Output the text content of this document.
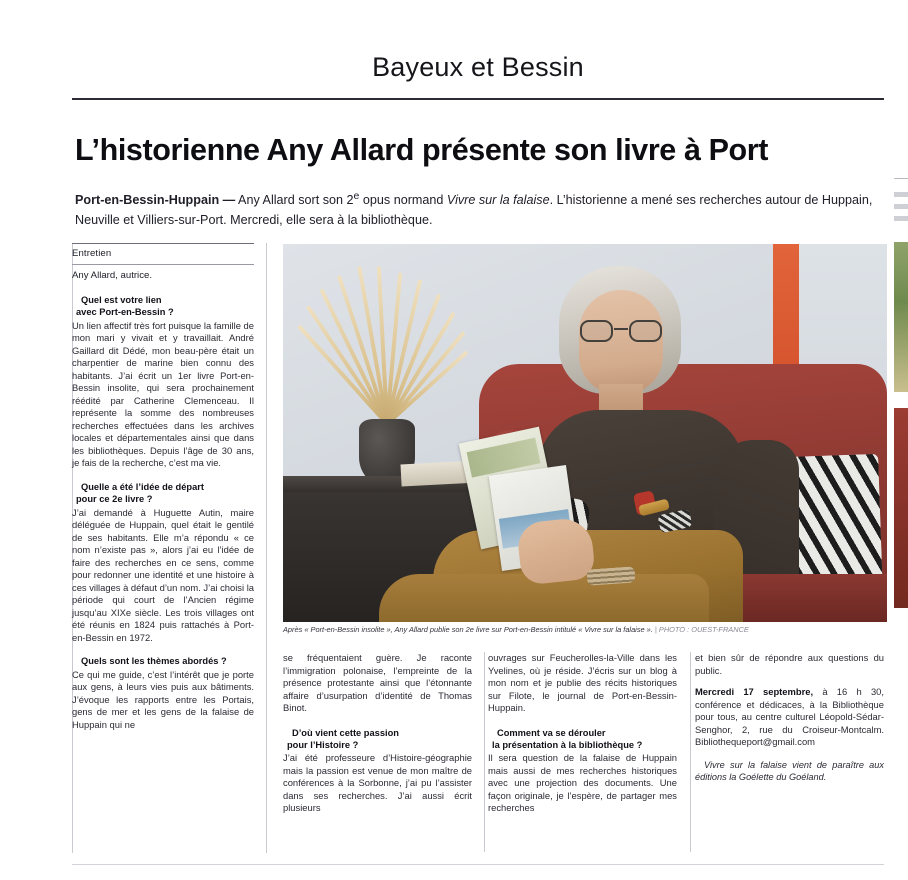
Bayeux et Bessin
L’historienne Any Allard présente son livre à Port
Port-en-Bessin-Huppain — Any Allard sort son 2e opus normand Vivre sur la falaise. L’historienne a mené ses recherches autour de Huppain, Neuville et Villiers-sur-Port. Mercredi, elle sera à la bibliothèque.
Entretien
Any Allard, autrice.
Quel est votre lien
avec Port-en-Bessin ?

Un lien affectif très fort puisque la famille de mon mari y vivait et y travaillait. André Gaillard dit Dédé, mon beau-père était un charpentier de marine bien connu des habitants. J’ai écrit un 1er livre Port-en-Bessin insolite, qui sera prochainement réédité par Catherine Clemenceau. Il représente la somme des nombreuses recherches effectuées dans les archives locales et départementales ainsi que dans les bibliothèques. Depuis l’âge de 30 ans, je fais de la recherche, c’est ma vie.

Quelle a été l’idée de départ
pour ce 2e livre ?

J’ai demandé à Huguette Autin, maire déléguée de Huppain, quel était le gentilé de ses habitants. Elle m’a répondu « ce nom n’existe pas », alors j’ai eu l’idée de faire des recherches en ce sens, comme pour redonner une identité et une histoire à ces villages à défaut d’un nom. J’ai choisi la période qui court de l’Ancien régime jusqu’au XIXe siècle. Les trois villages ont été réunis en 1824 puis rattachés à Port-en-Bessin en 1972.

Quels sont les thèmes abordés ?

Ce qui me guide, c’est l’intérêt que je porte aux gens, à leurs vies puis aux bâtiments. J’évoque les rapports entre les Portais, gens de mer et les gens de la falaise de Huppain qui ne

Après « Port-en-Bessin insolite », Any Allard publie son 2e livre sur Port-en-Bessin intitulé « Vivre sur la falaise ». | PHOTO : OUEST-FRANCE

se fréquentaient guère. Je raconte l’immigration polonaise, l’empreinte de la présence protestante ainsi que l’étonnante affaire d’usurpation d’identité de Thomas Binot.

D’où vient cette passion
pour l’Histoire ?

J’ai été professeure d’Histoire-géographie mais la passion est venue de mon maître de conférences à la Sorbonne, j’ai pu l’assister dans ses recherches. J’ai aussi écrit plusieurs

ouvrages sur Feucherolles-la-Ville dans les Yvelines, où je réside. J’écris sur un blog à mon nom et je publie des récits historiques sur Filote, le journal de Port-en-Bessin-Huppain.

Comment va se dérouler
la présentation à la bibliothèque ?

Il sera question de la falaise de Huppain mais aussi de mes recherches historiques avec une projection des documents. Une façon originale, je l’espère, de partager mes recherches

et bien sûr de répondre aux questions du public.

Mercredi 17 septembre, à 16 h 30, conférence et dédicaces, à la Bibliothèque pour tous, au centre culturel Léopold-Sédar-Senghor, 2, rue du Croiseur-Montcalm. Bibliothequeport@gmail.com

Vivre sur la falaise vient de paraître aux éditions la Goélette du Goéland.
